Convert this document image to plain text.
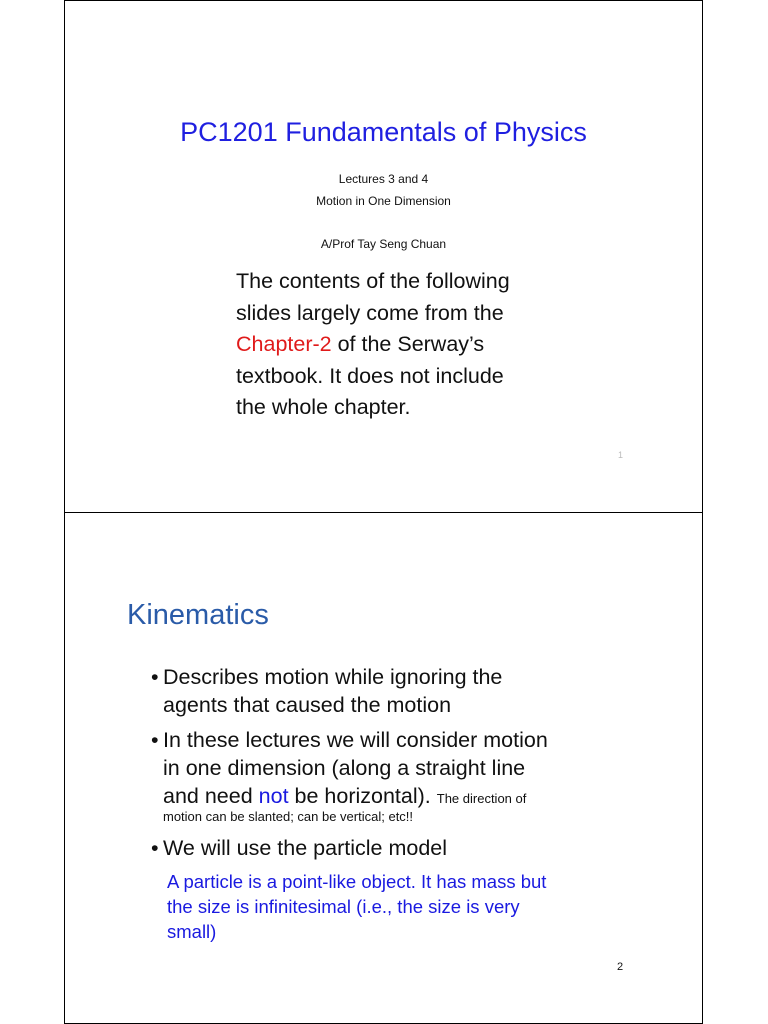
PC1201 Fundamentals of Physics
Lectures 3 and 4
Motion in One Dimension
A/Prof Tay Seng Chuan
The contents of the following
slides largely come from the
Chapter-2 of the Serway’s
textbook. It does not include
the whole chapter.
1
Kinematics
• Describes motion while ignoring the
agents that caused the motion
• In these lectures we will consider motion
in one dimension (along a straight line
and need not be horizontal). The direction of
motion can be slanted; can be vertical; etc!!
• We will use the particle model
A particle is a point-like object. It has mass but
the size is infinitesimal (i.e., the size is very
small)
2
